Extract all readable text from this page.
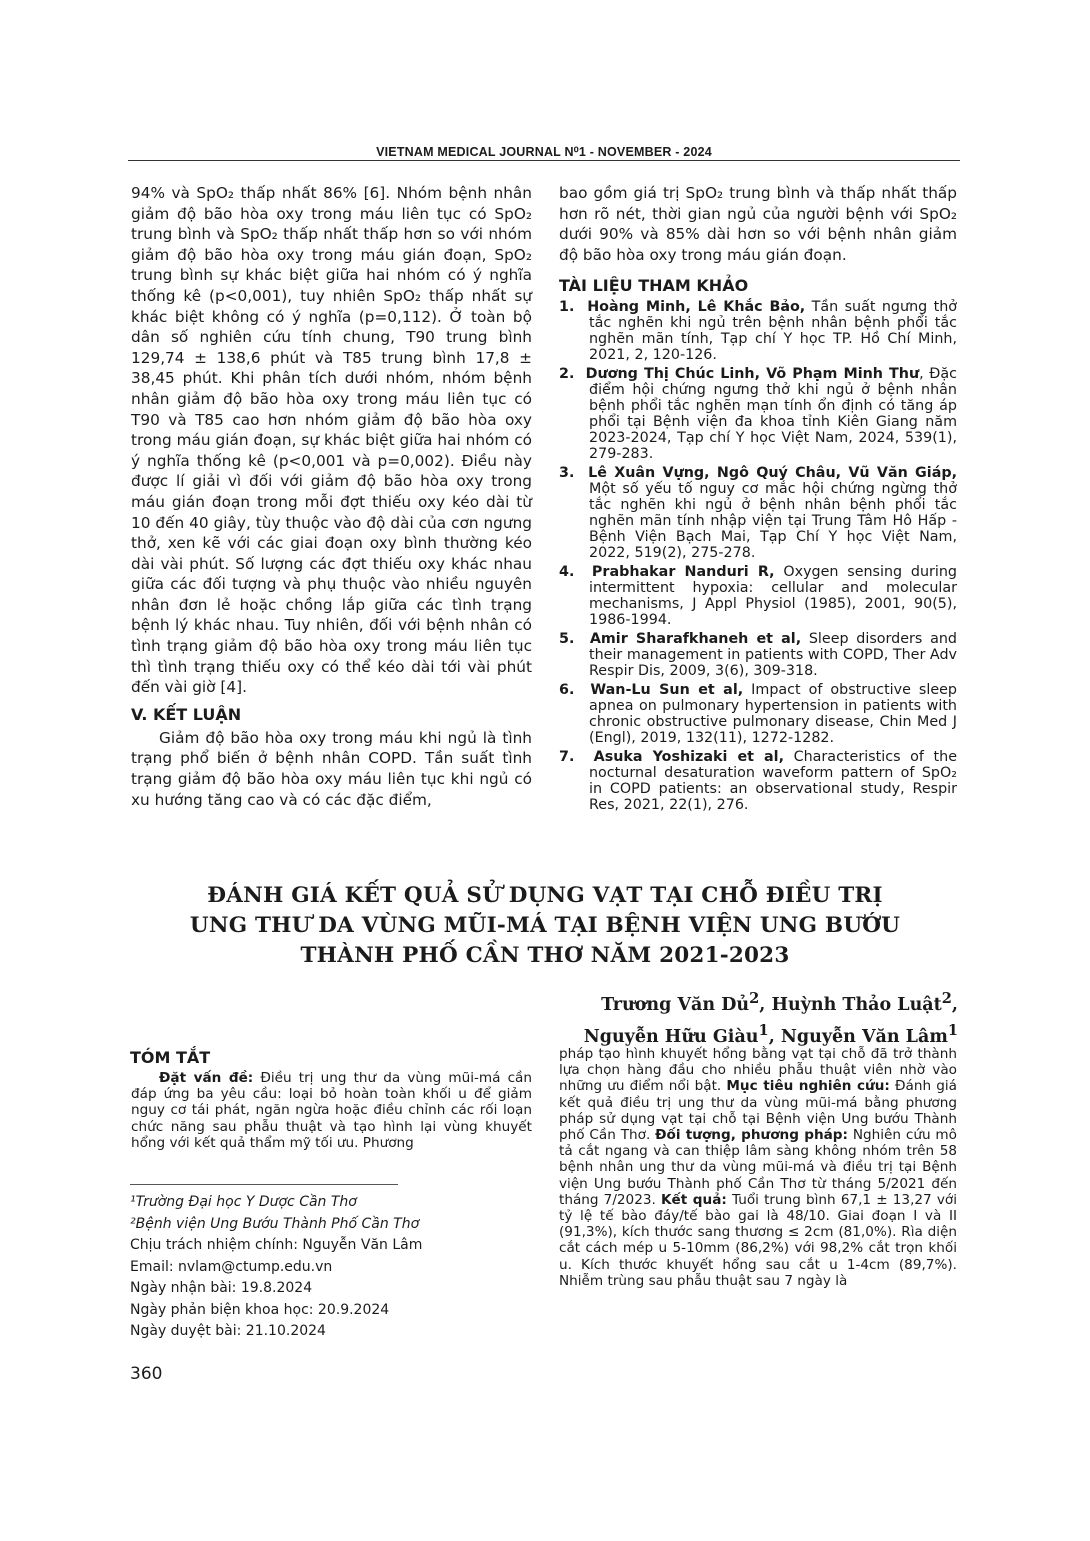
VIETNAM MEDICAL JOURNAL N⁰1 - NOVEMBER - 2024

94% và SpO₂ thấp nhất 86% [6]. Nhóm bệnh nhân giảm độ bão hòa oxy trong máu liên tục có SpO₂ trung bình và SpO₂ thấp nhất thấp hơn so với nhóm giảm độ bão hòa oxy trong máu gián đoạn, SpO₂ trung bình sự khác biệt giữa hai nhóm có ý nghĩa thống kê (p<0,001), tuy nhiên SpO₂ thấp nhất sự khác biệt không có ý nghĩa (p=0,112). Ở toàn bộ dân số nghiên cứu tính chung, T90 trung bình 129,74 ± 138,6 phút và T85 trung bình 17,8 ± 38,45 phút. Khi phân tích dưới nhóm, nhóm bệnh nhân giảm độ bão hòa oxy trong máu liên tục có T90 và T85 cao hơn nhóm giảm độ bão hòa oxy trong máu gián đoạn, sự khác biệt giữa hai nhóm có ý nghĩa thống kê (p<0,001 và p=0,002). Điều này được lí giải vì đối với giảm độ bão hòa oxy trong máu gián đoạn trong mỗi đợt thiếu oxy kéo dài từ 10 đến 40 giây, tùy thuộc vào độ dài của cơn ngưng thở, xen kẽ với các giai đoạn oxy bình thường kéo dài vài phút. Số lượng các đợt thiếu oxy khác nhau giữa các đối tượng và phụ thuộc vào nhiều nguyên nhân đơn lẻ hoặc chồng lắp giữa các tình trạng bệnh lý khác nhau. Tuy nhiên, đối với bệnh nhân có tình trạng giảm độ bão hòa oxy trong máu liên tục thì tình trạng thiếu oxy có thể kéo dài tới vài phút đến vài giờ [4].

V. KẾT LUẬN

Giảm độ bão hòa oxy trong máu khi ngủ là tình trạng phổ biến ở bệnh nhân COPD. Tần suất tình trạng giảm độ bão hòa oxy máu liên tục khi ngủ có xu hướng tăng cao và có các đặc điểm,

bao gồm giá trị SpO₂ trung bình và thấp nhất thấp hơn rõ nét, thời gian ngủ của người bệnh với SpO₂ dưới 90% và 85% dài hơn so với bệnh nhân giảm độ bão hòa oxy trong máu gián đoạn.

TÀI LIỆU THAM KHẢO

1. Hoàng Minh, Lê Khắc Bảo, Tần suất ngưng thở tắc nghẽn khi ngủ trên bệnh nhân bệnh phổi tắc nghẽn mãn tính, Tạp chí Y học TP. Hồ Chí Minh, 2021, 2, 120-126.
2. Dương Thị Chúc Linh, Võ Phạm Minh Thư, Đặc điểm hội chứng ngưng thở khi ngủ ở bệnh nhân bệnh phổi tắc nghẽn mạn tính ổn định có tăng áp phổi tại Bệnh viện đa khoa tỉnh Kiên Giang năm 2023-2024, Tạp chí Y học Việt Nam, 2024, 539(1), 279-283.
3. Lê Xuân Vựng, Ngô Quý Châu, Vũ Văn Giáp, Một số yếu tố nguy cơ mắc hội chứng ngừng thở tắc nghẽn khi ngủ ở bệnh nhân bệnh phổi tắc nghẽn mãn tính nhập viện tại Trung Tâm Hô Hấp - Bệnh Viện Bạch Mai, Tạp Chí Y học Việt Nam, 2022, 519(2), 275-278.
4. Prabhakar Nanduri R, Oxygen sensing during intermittent hypoxia: cellular and molecular mechanisms, J Appl Physiol (1985), 2001, 90(5), 1986-1994.
5. Amir Sharafkhaneh et al, Sleep disorders and their management in patients with COPD, Ther Adv Respir Dis, 2009, 3(6), 309-318.
6. Wan-Lu Sun et al, Impact of obstructive sleep apnea on pulmonary hypertension in patients with chronic obstructive pulmonary disease, Chin Med J (Engl), 2019, 132(11), 1272-1282.
7. Asuka Yoshizaki et al, Characteristics of the nocturnal desaturation waveform pattern of SpO₂ in COPD patients: an observational study, Respir Res, 2021, 22(1), 276.
ĐÁNH GIÁ KẾT QUẢ SỬ DỤNG VẠT TẠI CHỖ ĐIỀU TRỊ
UNG THƯ DA VÙNG MŨI-MÁ TẠI BỆNH VIỆN UNG BƯỚU
THÀNH PHỐ CẦN THƠ NĂM 2021-2023
Trương Văn Dủ$^2$, Huỳnh Thảo Luật$^2$,
Nguyễn Hữu Giàu$^1$, Nguyễn Văn Lâm$^1$
TÓM TẮT

Đặt vấn đề: Điều trị ung thư da vùng mũi-má cần đáp ứng ba yêu cầu: loại bỏ hoàn toàn khối u để giảm nguy cơ tái phát, ngăn ngừa hoặc điều chỉnh các rối loạn chức năng sau phẫu thuật và tạo hình lại vùng khuyết hổng với kết quả thẩm mỹ tối ưu. Phương

pháp tạo hình khuyết hổng bằng vạt tại chỗ đã trở thành lựa chọn hàng đầu cho nhiều phẫu thuật viên nhờ vào những ưu điểm nổi bật. Mục tiêu nghiên cứu: Đánh giá kết quả điều trị ung thư da vùng mũi-má bằng phương pháp sử dụng vạt tại chỗ tại Bệnh viện Ung bướu Thành phố Cần Thơ. Đối tượng, phương pháp: Nghiên cứu mô tả cắt ngang và can thiệp lâm sàng không nhóm trên 58 bệnh nhân ung thư da vùng mũi-má và điều trị tại Bệnh viện Ung bướu Thành phố Cần Thơ từ tháng 5/2021 đến tháng 7/2023. Kết quả: Tuổi trung bình 67,1 ± 13,27 với tỷ lệ tế bào đáy/tế bào gai là 48/10. Giai đoạn I và II (91,3%), kích thước sang thương ≤ 2cm (81,0%). Rìa diện cắt cách mép u 5-10mm (86,2%) với 98,2% cắt trọn khối u. Kích thước khuyết hổng sau cắt u 1-4cm (89,7%). Nhiễm trùng sau phẫu thuật sau 7 ngày là

¹Trường Đại học Y Dược Cần Thơ

²Bệnh viện Ung Bướu Thành Phố Cần Thơ

Chịu trách nhiệm chính: Nguyễn Văn Lâm

Email: nvlam@ctump.edu.vn

Ngày nhận bài: 19.8.2024

Ngày phản biện khoa học: 20.9.2024

Ngày duyệt bài: 21.10.2024

360
